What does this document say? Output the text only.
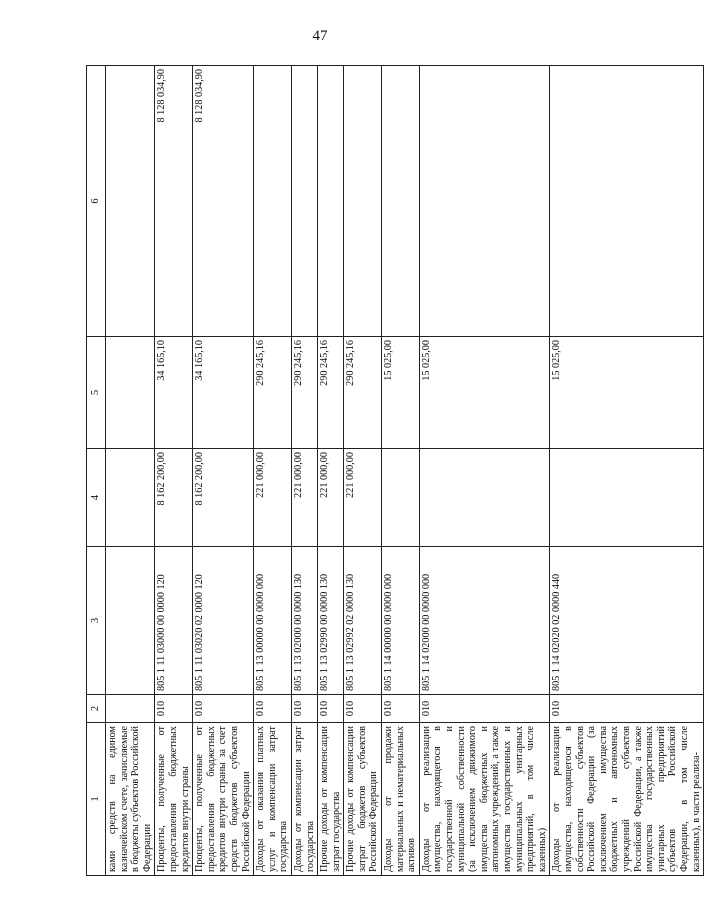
47
1	2	3	4	5	6
ками средств на едином казначейском счете, зачисляемые в бюджеты субъектов Российской Федерации					
Проценты, полученные от предоставления бюджетных кредитов внутри страны	010	805 1 11 03000 00 0000 120	8 162 200,00	34 165,10	8 128 034,90
Проценты, полученные от предоставления бюджетных кредитов внутри страны за счет средств бюджетов субъектов Российской Федерации	010	805 1 11 03020 02 0000 120	8 162 200,00	34 165,10	8 128 034,90
Доходы от оказания платных услуг и компенсации затрат государства	010	805 1 13 00000 00 0000 000	221 000,00	290 245,16	
Доходы от компенсации затрат государства	010	805 1 13 02000 00 0000 130	221 000,00	290 245,16	
Прочие доходы от компенсации затрат государства	010	805 1 13 02990 00 0000 130	221 000,00	290 245,16	
Прочие доходы от компенсации затрат бюджетов субъектов Российской Федерации	010	805 1 13 02992 02 0000 130	221 000,00	290 245,16	
Доходы от продажи материальных и нематериальных активов	010	805 1 14 00000 00 0000 000		15 025,00	
Доходы от реализации имущества, находящегося в государственной и муниципальной собственности (за исключением движимого имущества бюджетных и автономных учреждений, а также имущества государственных и муниципальных унитарных предприятий, в том числе казенных)	010	805 1 14 02000 00 0000 000		15 025,00	
Доходы от реализации имущества, находящегося в собственности субъектов Российской Федерации (за исключением имущества бюджетных и автономных учреждений субъектов Российской Федерации, а также имущества государственных унитарных предприятий субъектов Российской Федерации, в том числе казенных), в части реализа-	010	805 1 14 02020 02 0000 440		15 025,00	
